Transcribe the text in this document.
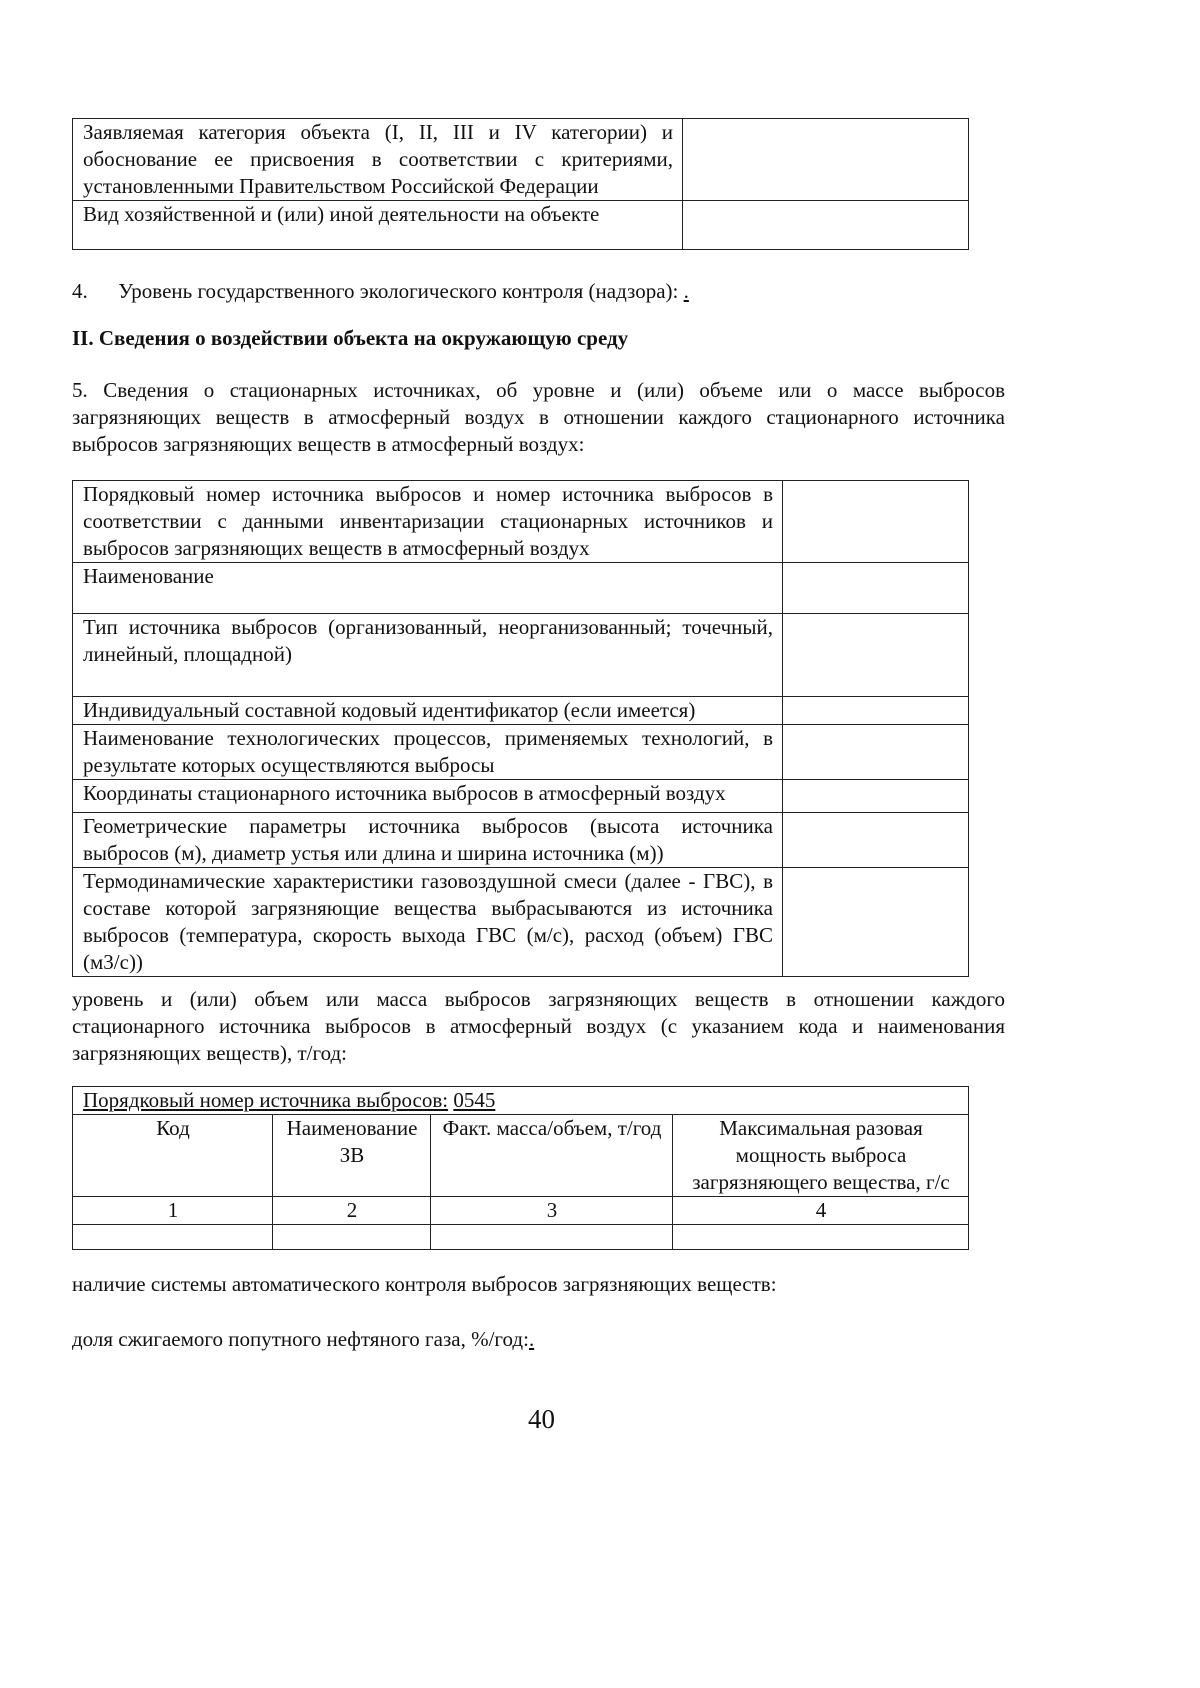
Заявляемая категория объекта (I, II, III и IV категории) и обоснование ее присвоения в соответствии с критериями, установленными Правительством Российской Федерации	
Вид хозяйственной и (или) иной деятельности на объекте	
4. Уровень государственного экологического контроля (надзора): .
II. Сведения о воздействии объекта на окружающую среду

5. Сведения о стационарных источниках, об уровне и (или) объеме или о массе выбросов загрязняющих веществ в атмосферный воздух в отношении каждого стационарного источника выбросов загрязняющих веществ в атмосферный воздух:

Порядковый номер источника выбросов и номер источника выбросов в соответствии с данными инвентаризации стационарных источников и выбросов загрязняющих веществ в атмосферный воздух	
Наименование	
Тип источника выбросов (организованный, неорганизованный; точечный, линейный, площадной)	
Индивидуальный составной кодовый идентификатор (если имеется)	
Наименование технологических процессов, применяемых технологий, в результате которых осуществляются выбросы	
Координаты стационарного источника выбросов в атмосферный воздух	
Геометрические параметры источника выбросов (высота источника выбросов (м), диаметр устья или длина и ширина источника (м))	
Термодинамические характеристики газовоздушной смеси (далее - ГВС), в составе которой загрязняющие вещества выбрасываются из источника выбросов (температура, скорость выхода ГВС (м/с), расход (объем) ГВС (м3/с))	

уровень и (или) объем или масса выбросов загрязняющих веществ в отношении каждого стационарного источника выбросов в атмосферный воздух (с указанием кода и наименования загрязняющих веществ), т/год:

Порядковый номер источника выбросов: 0545			
Код	Наименование ЗВ	Факт. масса/объем, т/год	Максимальная разовая мощность выброса загрязняющего вещества, г/с
1	2	3	4

наличие системы автоматического контроля выбросов загрязняющих веществ:
доля сжигаемого попутного нефтяного газа, %/год:.
40
